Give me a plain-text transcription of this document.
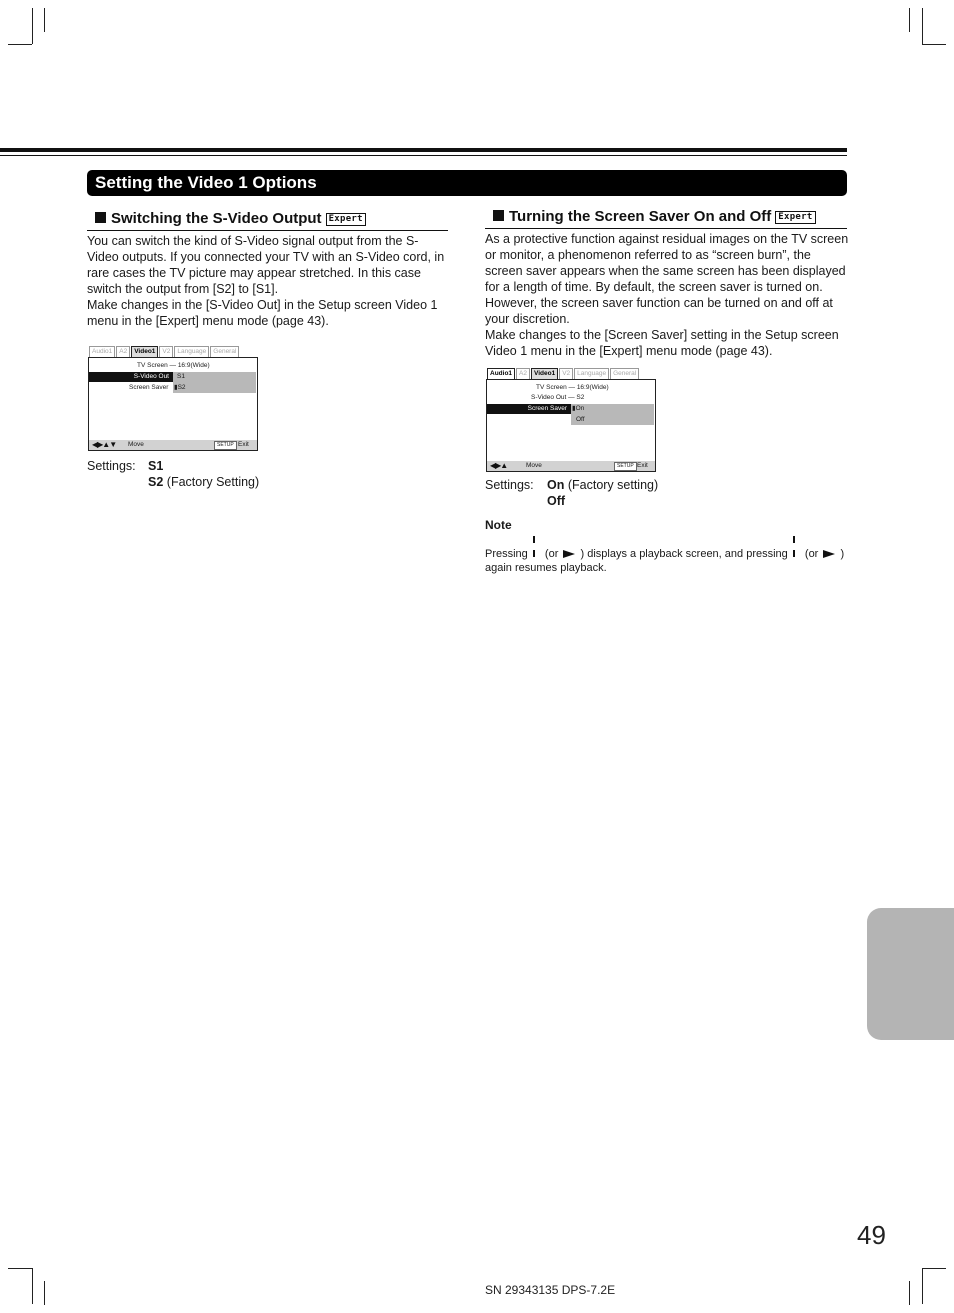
Setting the Video 1 Options
Switching the S-Video Output Expert

You can switch the kind of S-Video signal output from the S-Video outputs. If you connected your TV with an S-Video cord, in rare cases the TV picture may appear stretched. In this case switch the output from [S2] to [S1].

Make changes in the [S-Video Out] in the Setup screen Video 1 menu in the [Expert] menu mode (page 43).

Audio1	A2	Video1	V2	Language	General
TV Screen — 16:9(Wide)
S-Video Out	S1
Screen Saver ▮S2
◀▶▲▼ Move	SETUP Exit
Settings: S1
S2 (Factory Setting)
Turning the Screen Saver On and Off Expert

As a protective function against residual images on the TV screen or monitor, a phenomenon referred to as “screen burn”, the screen saver appears when the same screen has been displayed for a length of time. By default, the screen saver is turned on. However, the screen saver function can be turned on and off at your discretion.

Make changes to the [Screen Saver] setting in the Setup screen Video 1 menu in the [Expert] menu mode (page 43).

Audio1	A2	Video1	V2	Language	General
TV Screen — 16:9(Wide)
S-Video Out — S2
Screen Saver ▮On
Off
◀▶▲	Move	SETUP Exit
Settings: On (Factory setting)
Off
Note
Pressing (or ) displays a playback screen, and pressing (or ) again resumes playback.
49
SN 29343135 DPS-7.2E
